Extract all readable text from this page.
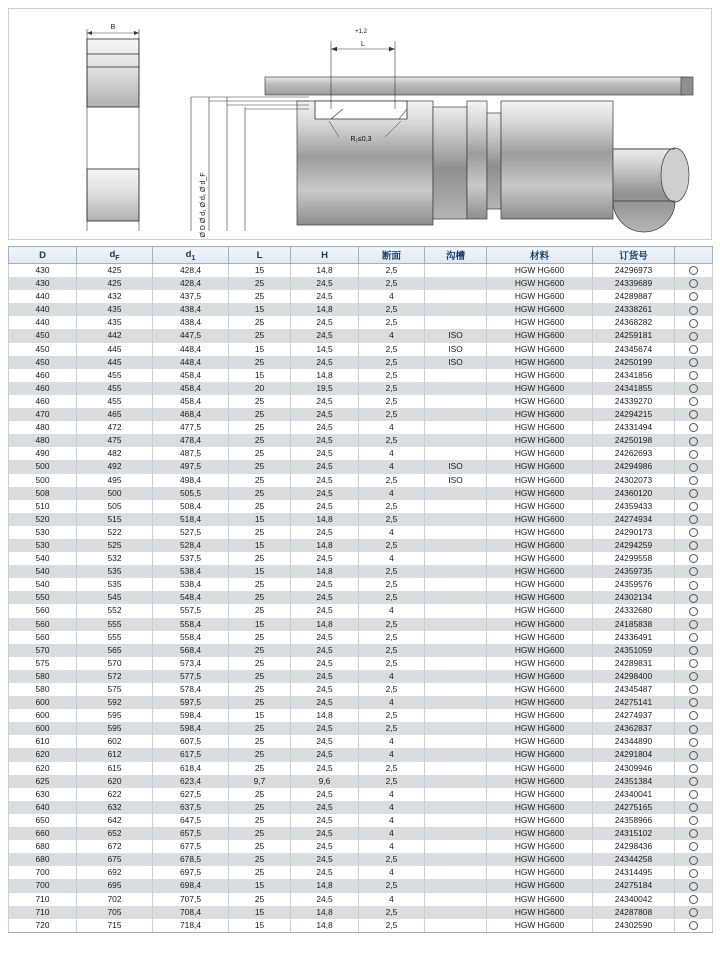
B
L
+1,2
R₁≤0,3
Ø D Ø d₁ Ø d₁ Ø d_F
D	$d_F$	$d_1$	L	H	断面	沟槽	材料	订货号	
430	425	428,4	15	14,8	2,5		HGW HG600	24296973	
430	425	428,4	25	24,5	2,5		HGW HG600	24339689	
440	432	437,5	25	24,5	4		HGW HG600	24289887	
440	435	438,4	15	14,8	2,5		HGW HG600	24338261	
440	435	438,4	25	24,5	2,5		HGW HG600	24368282	
450	442	447,5	25	24,5	4	ISO	HGW HG600	24259181	
450	445	448,4	15	14,5	2,5	ISO	HGW HG600	24345674	
450	445	448,4	25	24,5	2,5	ISO	HGW HG600	24250199	
460	455	458,4	15	14,8	2,5		HGW HG600	24341856	
460	455	458,4	20	19,5	2,5		HGW HG600	24341855	
460	455	458,4	25	24,5	2,5		HGW HG600	24339270	
470	465	468,4	25	24,5	2,5		HGW HG600	24294215	
480	472	477,5	25	24,5	4		HGW HG600	24331494	
480	475	478,4	25	24,5	2,5		HGW HG600	24250198	
490	482	487,5	25	24,5	4		HGW HG600	24262693	
500	492	497,5	25	24,5	4	ISO	HGW HG600	24294986	
500	495	498,4	25	24,5	2,5	ISO	HGW HG600	24302073	
508	500	505,5	25	24,5	4		HGW HG600	24360120	
510	505	508,4	25	24,5	2,5		HGW HG600	24359433	
520	515	518,4	15	14,8	2,5		HGW HG600	24274934	
530	522	527,5	25	24,5	4		HGW HG600	24290173	
530	525	528,4	15	14,8	2,5		HGW HG600	24294259	
540	532	537,5	25	24,5	4		HGW HG600	24299558	
540	535	538,4	15	14,8	2,5		HGW HG600	24359735	
540	535	538,4	25	24,5	2,5		HGW HG600	24359576	
550	545	548,4	25	24,5	2,5		HGW HG600	24302134	
560	552	557,5	25	24,5	4		HGW HG600	24332680	
560	555	558,4	15	14,8	2,5		HGW HG600	24185838	
560	555	558,4	25	24,5	2,5		HGW HG600	24336491	
570	565	568,4	25	24,5	2,5		HGW HG600	24351059	
575	570	573,4	25	24,5	2,5		HGW HG600	24289831	
580	572	577,5	25	24,5	4		HGW HG600	24298400	
580	575	578,4	25	24,5	2,5		HGW HG600	24345487	
600	592	597,5	25	24,5	4		HGW HG600	24275141	
600	595	598,4	15	14,8	2,5		HGW HG600	24274937	
600	595	598,4	25	24,5	2,5		HGW HG600	24362837	
610	602	607,5	25	24,5	4		HGW HG600	24344890	
620	612	617,5	25	24,5	4		HGW HG600	24291804	
620	615	618,4	25	24,5	2,5		HGW HG600	24309946	
625	620	623,4	9,7	9,6	2,5		HGW HG600	24351384	
630	622	627,5	25	24,5	4		HGW HG600	24340041	
640	632	637,5	25	24,5	4		HGW HG600	24275165	
650	642	647,5	25	24,5	4		HGW HG600	24358966	
660	652	657,5	25	24,5	4		HGW HG600	24315102	
680	672	677,5	25	24,5	4		HGW HG600	24298436	
680	675	678,5	25	24,5	2,5		HGW HG600	24344258	
700	692	697,5	25	24,5	4		HGW HG600	24314495	
700	695	698,4	15	14,8	2,5		HGW HG600	24275184	
710	702	707,5	25	24,5	4		HGW HG600	24340042	
710	705	708,4	15	14,8	2,5		HGW HG600	24287808	
720	715	718,4	15	14,8	2,5		HGW HG600	24302590	
